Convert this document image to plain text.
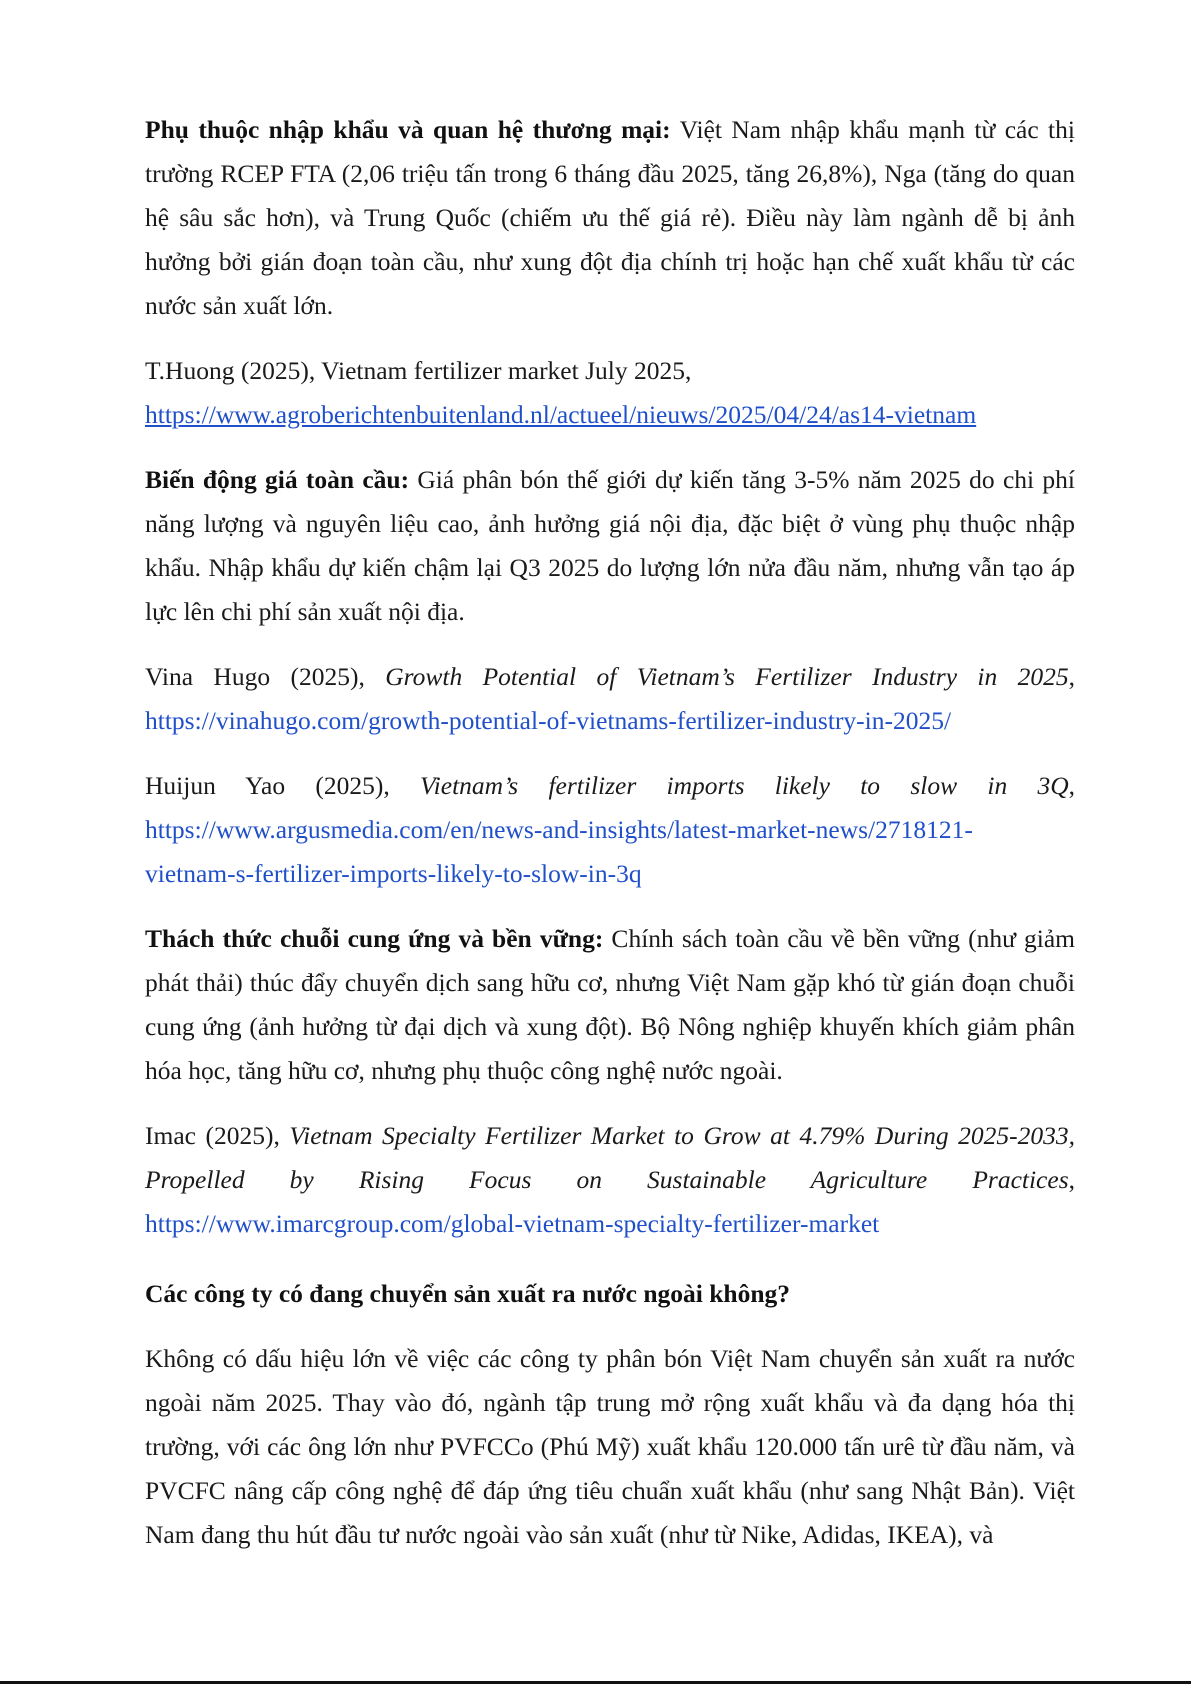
Phụ thuộc nhập khẩu và quan hệ thương mại: Việt Nam nhập khẩu mạnh từ các thị trường RCEP FTA (2,06 triệu tấn trong 6 tháng đầu 2025, tăng 26,8%), Nga (tăng do quan hệ sâu sắc hơn), và Trung Quốc (chiếm ưu thế giá rẻ). Điều này làm ngành dễ bị ảnh hưởng bởi gián đoạn toàn cầu, như xung đột địa chính trị hoặc hạn chế xuất khẩu từ các nước sản xuất lớn.

T.Huong (2025), Vietnam fertilizer market July 2025,
https://www.agroberichtenbuitenland.nl/actueel/nieuws/2025/04/24/as14-vietnam

Biến động giá toàn cầu: Giá phân bón thế giới dự kiến tăng 3-5% năm 2025 do chi phí năng lượng và nguyên liệu cao, ảnh hưởng giá nội địa, đặc biệt ở vùng phụ thuộc nhập khẩu. Nhập khẩu dự kiến chậm lại Q3 2025 do lượng lớn nửa đầu năm, nhưng vẫn tạo áp lực lên chi phí sản xuất nội địa.

Vina Hugo (2025), Growth Potential of Vietnam’s Fertilizer Industry in 2025,

https://vinahugo.com/growth-potential-of-vietnams-fertilizer-industry-in-2025/

Huijun Yao (2025), Vietnam’s fertilizer imports likely to slow in 3Q,

https://www.argusmedia.com/en/news-and-insights/latest-market-news/2718121-
vietnam-s-fertilizer-imports-likely-to-slow-in-3q

Thách thức chuỗi cung ứng và bền vững: Chính sách toàn cầu về bền vững (như giảm phát thải) thúc đẩy chuyển dịch sang hữu cơ, nhưng Việt Nam gặp khó từ gián đoạn chuỗi cung ứng (ảnh hưởng từ đại dịch và xung đột). Bộ Nông nghiệp khuyến khích giảm phân hóa học, tăng hữu cơ, nhưng phụ thuộc công nghệ nước ngoài.

Imac (2025), Vietnam Specialty Fertilizer Market to Grow at 4.79% During 2025-2033, Propelled by Rising Focus on Sustainable Agriculture Practices,

https://www.imarcgroup.com/global-vietnam-specialty-fertilizer-market

Các công ty có đang chuyển sản xuất ra nước ngoài không?

Không có dấu hiệu lớn về việc các công ty phân bón Việt Nam chuyển sản xuất ra nước ngoài năm 2025. Thay vào đó, ngành tập trung mở rộng xuất khẩu và đa dạng hóa thị trường, với các ông lớn như PVFCCo (Phú Mỹ) xuất khẩu 120.000 tấn urê từ đầu năm, và PVCFC nâng cấp công nghệ để đáp ứng tiêu chuẩn xuất khẩu (như sang Nhật Bản). Việt Nam đang thu hút đầu tư nước ngoài vào sản xuất (như từ Nike, Adidas, IKEA), và
